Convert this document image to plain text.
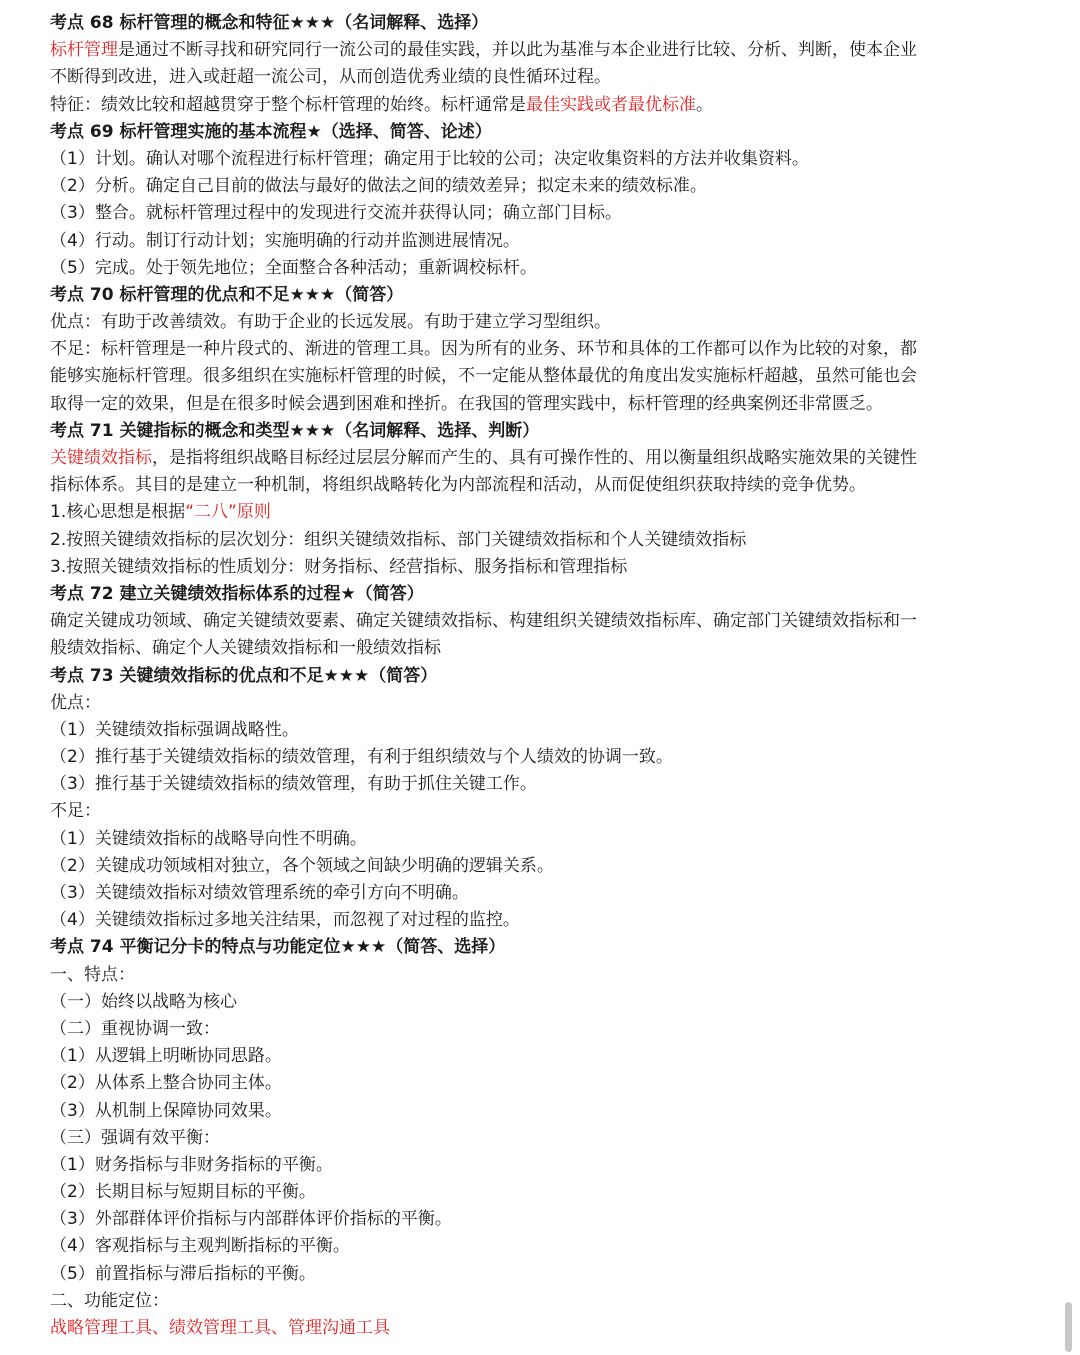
考点 68 标杆管理的概念和特征★★★（名词解释、选择）
标杆管理是通过不断寻找和研究同行一流公司的最佳实践，并以此为基准与本企业进行比较、分析、判断，使本企业
不断得到改进，进入或赶超一流公司，从而创造优秀业绩的良性循环过程。
特征：绩效比较和超越贯穿于整个标杆管理的始终。标杆通常是最佳实践或者最优标准。
考点 69 标杆管理实施的基本流程★（选择、简答、论述）
（1）计划。确认对哪个流程进行标杆管理；确定用于比较的公司；决定收集资料的方法并收集资料。
（2）分析。确定自己目前的做法与最好的做法之间的绩效差异；拟定未来的绩效标准。
（3）整合。就标杆管理过程中的发现进行交流并获得认同；确立部门目标。
（4）行动。制订行动计划；实施明确的行动并监测进展情况。
（5）完成。处于领先地位；全面整合各种活动；重新调校标杆。
考点 70 标杆管理的优点和不足★★★（简答）
优点：有助于改善绩效。有助于企业的长远发展。有助于建立学习型组织。
不足：标杆管理是一种片段式的、渐进的管理工具。因为所有的业务、环节和具体的工作都可以作为比较的对象，都
能够实施标杆管理。很多组织在实施标杆管理的时候，不一定能从整体最优的角度出发实施标杆超越，虽然可能也会
取得一定的效果，但是在很多时候会遇到困难和挫折。在我国的管理实践中，标杆管理的经典案例还非常匮乏。
考点 71 关键指标的概念和类型★★★（名词解释、选择、判断）
关键绩效指标，是指将组织战略目标经过层层分解而产生的、具有可操作性的、用以衡量组织战略实施效果的关键性
指标体系。其目的是建立一种机制，将组织战略转化为内部流程和活动，从而促使组织获取持续的竞争优势。
1.核心思想是根据“二八”原则
2.按照关键绩效指标的层次划分：组织关键绩效指标、部门关键绩效指标和个人关键绩效指标
3.按照关键绩效指标的性质划分：财务指标、经营指标、服务指标和管理指标
考点 72 建立关键绩效指标体系的过程★（简答）
确定关键成功领域、确定关键绩效要素、确定关键绩效指标、构建组织关键绩效指标库、确定部门关键绩效指标和一
般绩效指标、确定个人关键绩效指标和一般绩效指标
考点 73 关键绩效指标的优点和不足★★★（简答）
优点：
（1）关键绩效指标强调战略性。
（2）推行基于关键绩效指标的绩效管理，有利于组织绩效与个人绩效的协调一致。
（3）推行基于关键绩效指标的绩效管理，有助于抓住关键工作。
不足：
（1）关键绩效指标的战略导向性不明确。
（2）关键成功领域相对独立，各个领域之间缺少明确的逻辑关系。
（3）关键绩效指标对绩效管理系统的牵引方向不明确。
（4）关键绩效指标过多地关注结果，而忽视了对过程的监控。
考点 74 平衡记分卡的特点与功能定位★★★（简答、选择）
一、特点：
（一）始终以战略为核心
（二）重视协调一致：
（1）从逻辑上明晰协同思路。
（2）从体系上整合协同主体。
（3）从机制上保障协同效果。
（三）强调有效平衡：
（1）财务指标与非财务指标的平衡。
（2）长期目标与短期目标的平衡。
（3）外部群体评价指标与内部群体评价指标的平衡。
（4）客观指标与主观判断指标的平衡。
（5）前置指标与滞后指标的平衡。
二、功能定位：
战略管理工具、绩效管理工具、管理沟通工具
